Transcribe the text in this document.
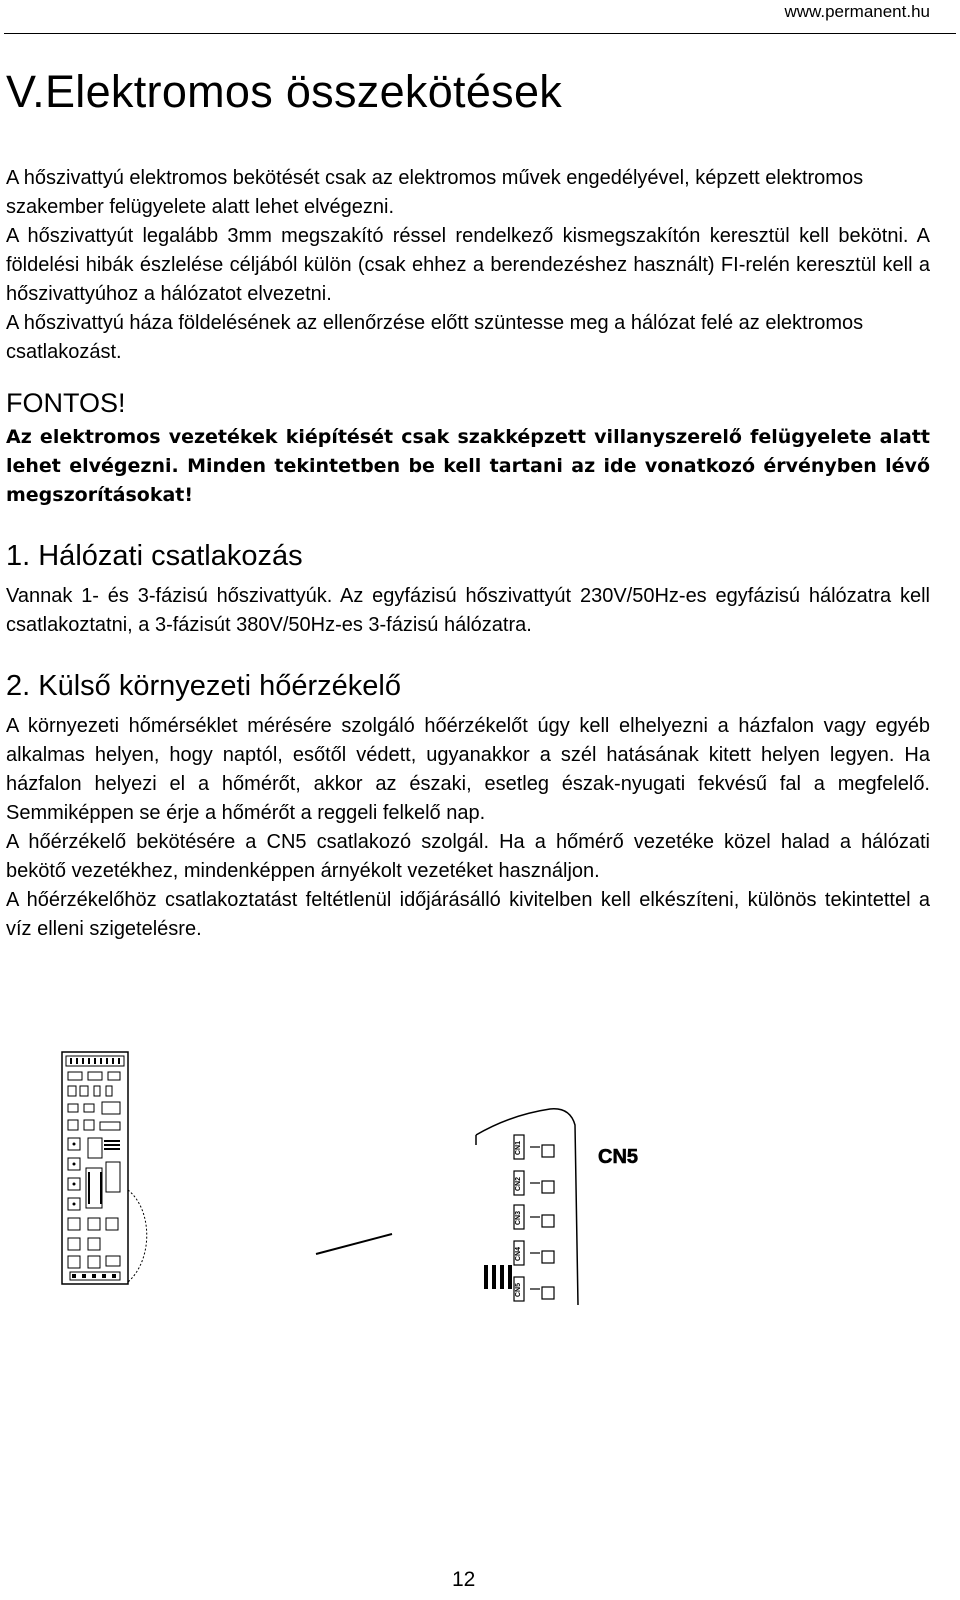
www.permanent.hu
V.Elektromos összekötések

A hőszivattyú elektromos bekötését csak az elektromos művek engedélyével, képzett elektromos szakember felügyelete alatt lehet elvégezni.

A hőszivattyút legalább 3mm megszakító réssel rendelkező kismegszakítón keresztül kell bekötni. A földelési hibák észlelése céljából külön (csak ehhez a berendezéshez használt) FI-relén keresztül kell a hőszivattyúhoz a hálózatot elvezetni.

A hőszivattyú háza földelésének az ellenőrzése előtt szüntesse meg a hálózat felé az elektromos csatlakozást.

FONTOS!

Az elektromos vezetékek kiépítését csak szakképzett villanyszerelő felügyelete alatt lehet elvégezni. Minden tekintetben be kell tartani az ide vonatkozó érvényben lévő megszorításokat!

1. Hálózati csatlakozás

Vannak 1- és 3-fázisú hőszivattyúk. Az egyfázisú hőszivattyút 230V/50Hz-es egyfázisú hálózatra kell csatlakoztatni, a 3-fázisút 380V/50Hz-es 3-fázisú hálózatra.

2. Külső környezeti hőérzékelő

A környezeti hőmérséklet mérésére szolgáló hőérzékelőt úgy kell elhelyezni a házfalon vagy egyéb alkalmas helyen, hogy naptól, esőtől védett, ugyanakkor a szél hatásának kitett helyen legyen. Ha házfalon helyezi el a hőmérőt, akkor az északi, esetleg észak-nyugati fekvésű fal a megfelelő. Semmiképpen se érje a hőmérőt a reggeli felkelő nap.

A hőérzékelő bekötésére a CN5 csatlakozó szolgál. Ha a hőmérő vezetéke közel halad a hálózati bekötő vezetékhez, mindenképpen árnyékolt vezetéket használjon.

A hőérzékelőhöz csatlakoztatást feltétlenül időjárásálló kivitelben kell elkészíteni, különös tekintettel a víz elleni szigetelésre.

CN1
CN2
CN3
CN4
CN5
CN5
12
